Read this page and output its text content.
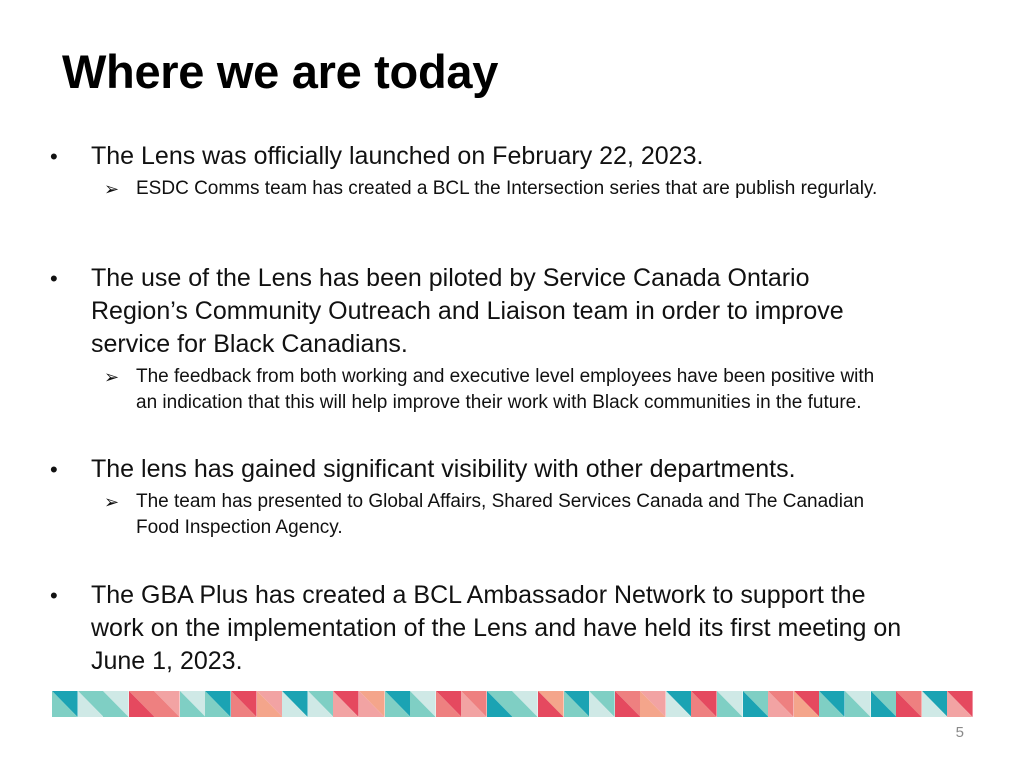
Where we are today
• The Lens was officially launched on February 22, 2023.
➢ ESDC Comms team has created a BCL the Intersection series that are publish regurlaly.
• The use of the Lens has been piloted by Service Canada Ontario
Region’s Community Outreach and Liaison team in order to improve
service for Black Canadians.
➢ The feedback from both working and executive level employees have been positive with
an indication that this will help improve their work with Black communities in the future.
• The lens has gained significant visibility with other departments.
➢ The team has presented to Global Affairs, Shared Services Canada and The Canadian
Food Inspection Agency.
• The GBA Plus has created a BCL Ambassador Network to support the
work on the implementation of the Lens and have held its first meeting on
June 1, 2023.
5
